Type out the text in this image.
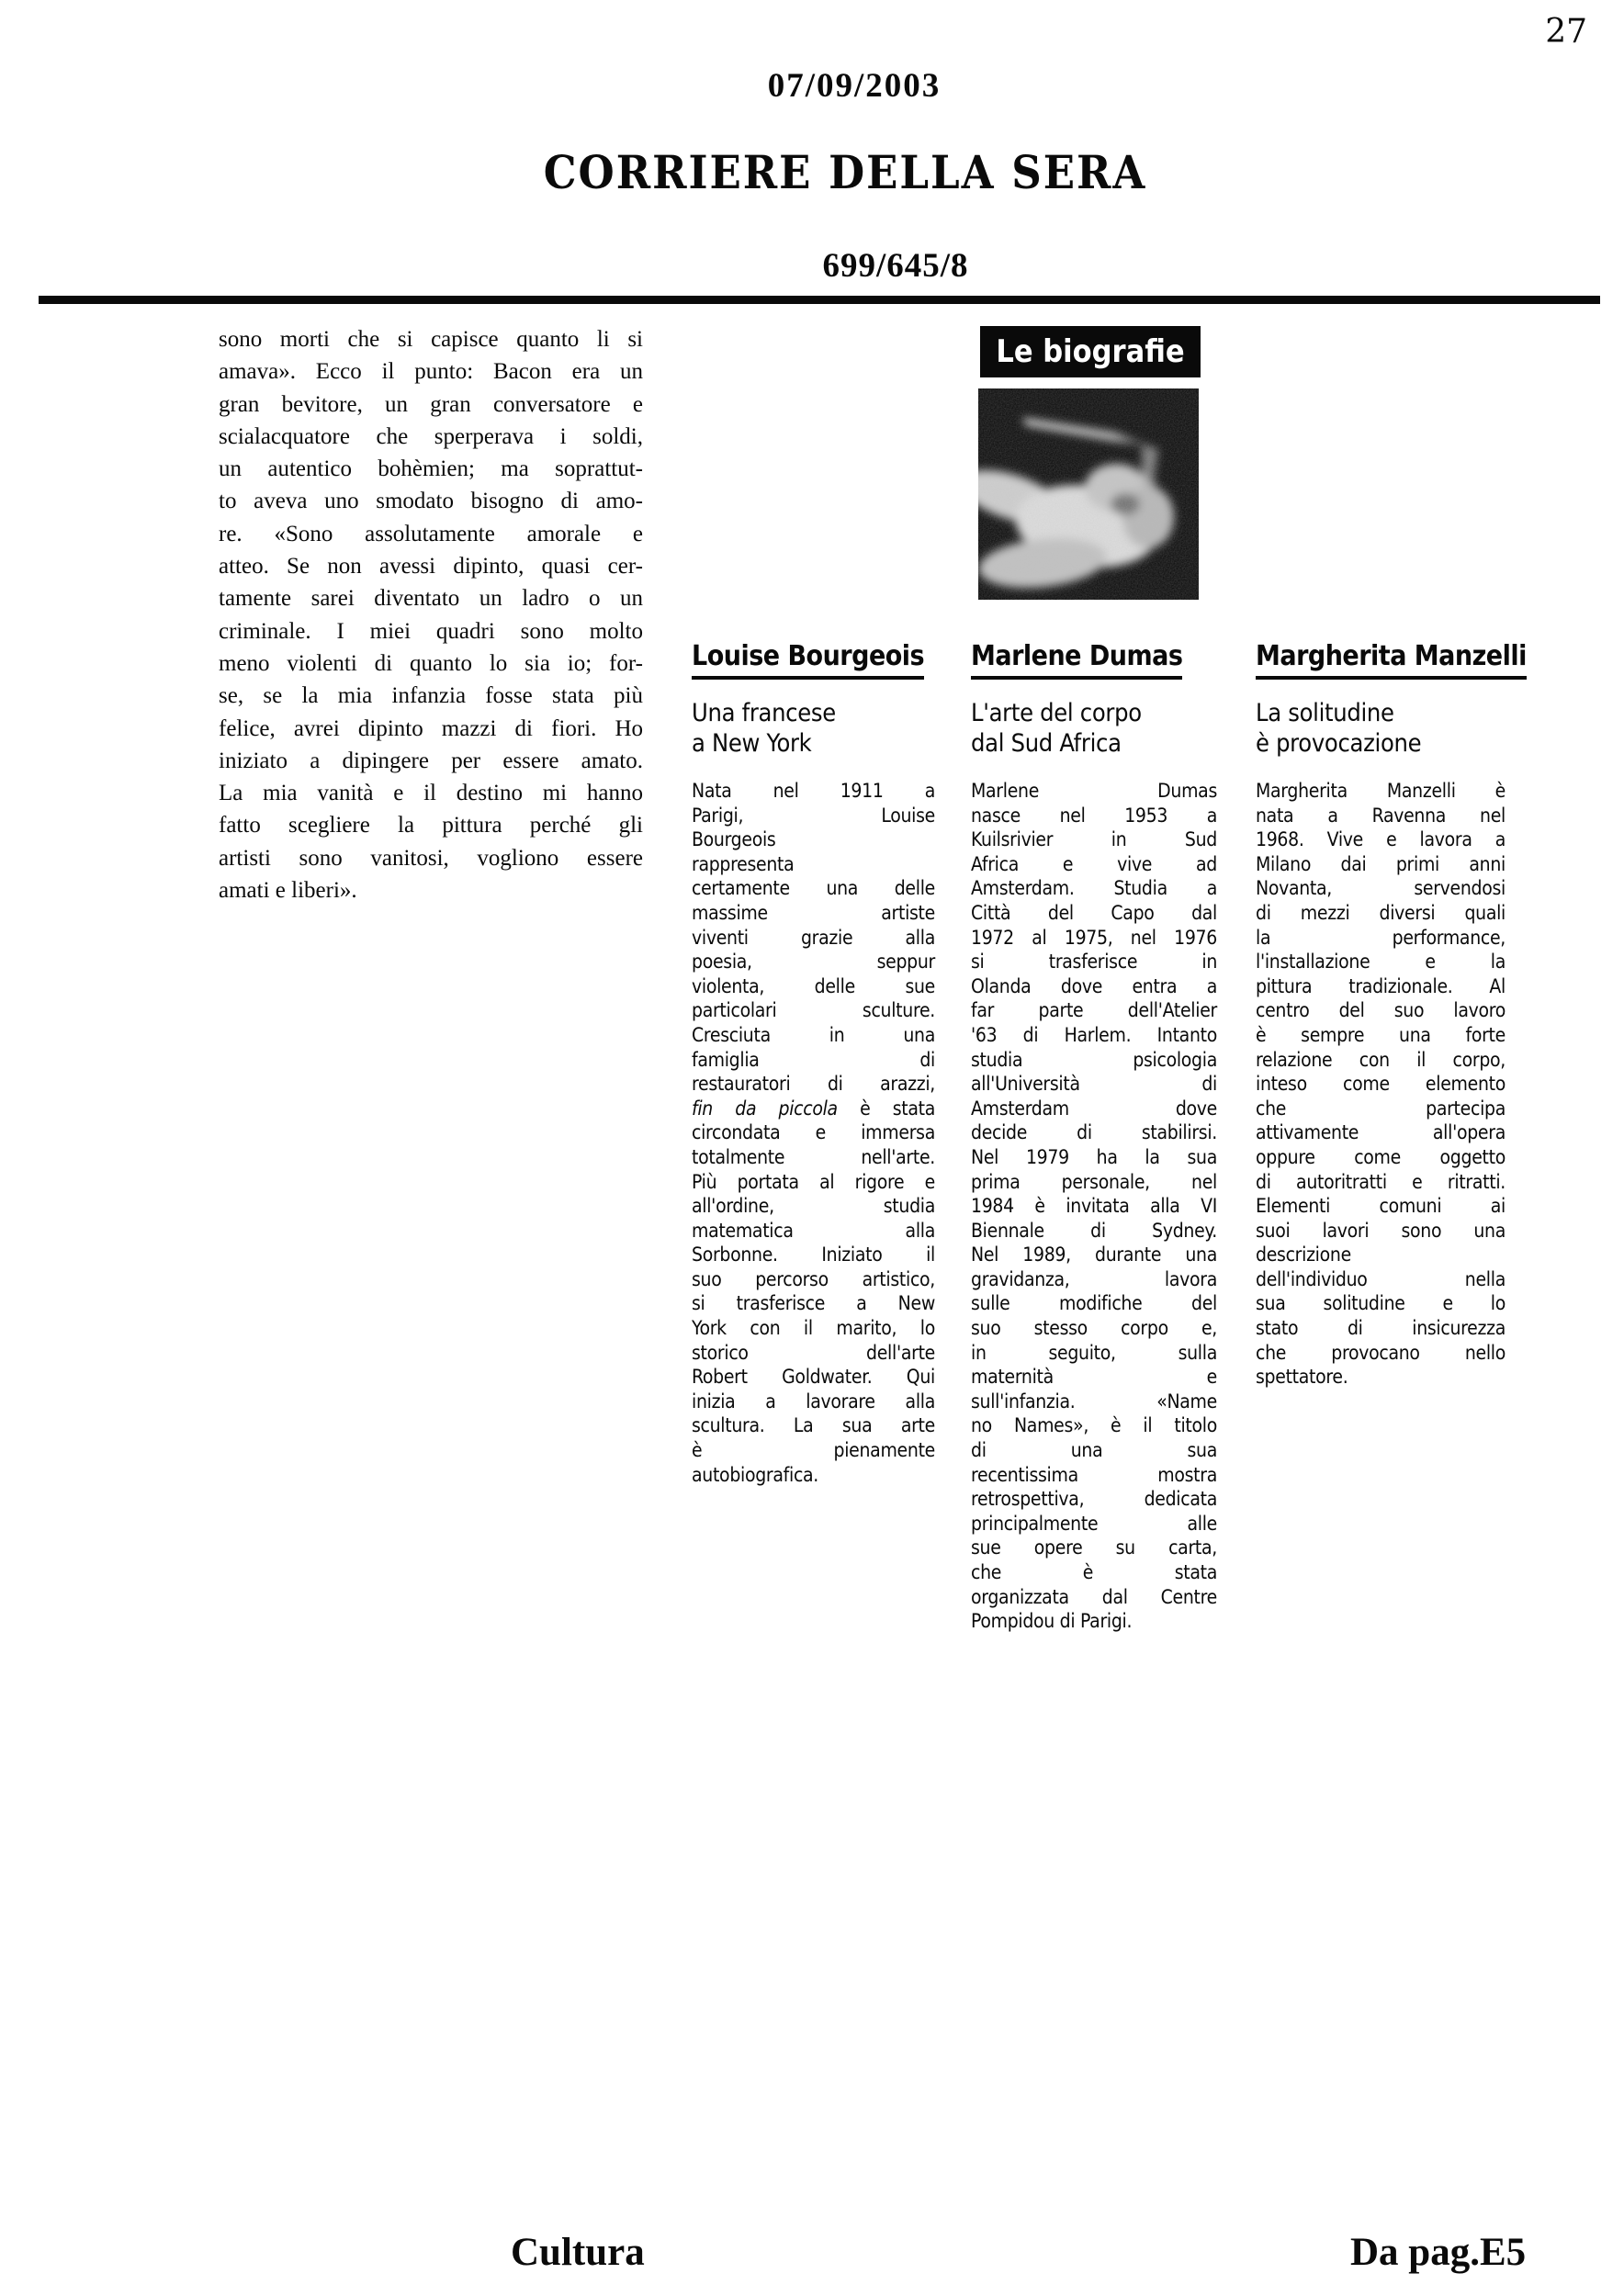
27
07/09/2003
CORRIERE DELLA SERA
699/645/8
sono morti che si capisce quanto li si
amava». Ecco il punto: Bacon era un
gran bevitore, un gran conversatore e
scialacquatore che sperperava i soldi,
un autentico bohèmien; ma soprattut-
to aveva uno smodato bisogno di amo-
re. «Sono assolutamente amorale e
atteo. Se non avessi dipinto, quasi cer-
tamente sarei diventato un ladro o un
criminale. I miei quadri sono molto
meno violenti di quanto lo sia io; for-
se, se la mia infanzia fosse stata più
felice, avrei dipinto mazzi di fiori. Ho
iniziato a dipingere per essere amato.
La mia vanità e il destino mi hanno
fatto scegliere la pittura perché gli
artisti sono vanitosi, vogliono essere
amati e liberi».
Le biografie
Louise Bourgeois
Una francese
a New York
Nata nel 1911 a
Parigi, Louise
Bourgeois
rappresenta
certamente una delle
massime artiste
viventi grazie alla
poesia, seppur
violenta, delle sue
particolari sculture.
Cresciuta in una
famiglia di
restauratori di arazzi,
fin da piccola è stata
circondata e immersa
totalmente nell'arte.
Più portata al rigore e
all'ordine, studia
matematica alla
Sorbonne. Iniziato il
suo percorso artistico,
si trasferisce a New
York con il marito, lo
storico dell'arte
Robert Goldwater. Qui
inizia a lavorare alla
scultura. La sua arte
è pienamente
autobiografica.
Marlene Dumas
L'arte del corpo
dal Sud Africa
Marlene Dumas
nasce nel 1953 a
Kuilsrivier in Sud
Africa e vive ad
Amsterdam. Studia a
Città del Capo dal
1972 al 1975, nel 1976
si trasferisce in
Olanda dove entra a
far parte dell'Atelier
'63 di Harlem. Intanto
studia psicologia
all'Università di
Amsterdam dove
decide di stabilirsi.
Nel 1979 ha la sua
prima personale, nel
1984 è invitata alla VI
Biennale di Sydney.
Nel 1989, durante una
gravidanza, lavora
sulle modifiche del
suo stesso corpo e,
in seguito, sulla
maternità e
sull'infanzia. «Name
no Names», è il titolo
di una sua
recentissima mostra
retrospettiva, dedicata
principalmente alle
sue opere su carta,
che è stata
organizzata dal Centre
Pompidou di Parigi.
Margherita Manzelli
La solitudine
è provocazione
Margherita Manzelli è
nata a Ravenna nel
1968. Vive e lavora a
Milano dai primi anni
Novanta, servendosi
di mezzi diversi quali
la performance,
l'installazione e la
pittura tradizionale. Al
centro del suo lavoro
è sempre una forte
relazione con il corpo,
inteso come elemento
che partecipa
attivamente all'opera
oppure come oggetto
di autoritratti e ritratti.
Elementi comuni ai
suoi lavori sono una
descrizione
dell'individuo nella
sua solitudine e lo
stato di insicurezza
che provocano nello
spettatore.
Cultura	Da pag.E5
